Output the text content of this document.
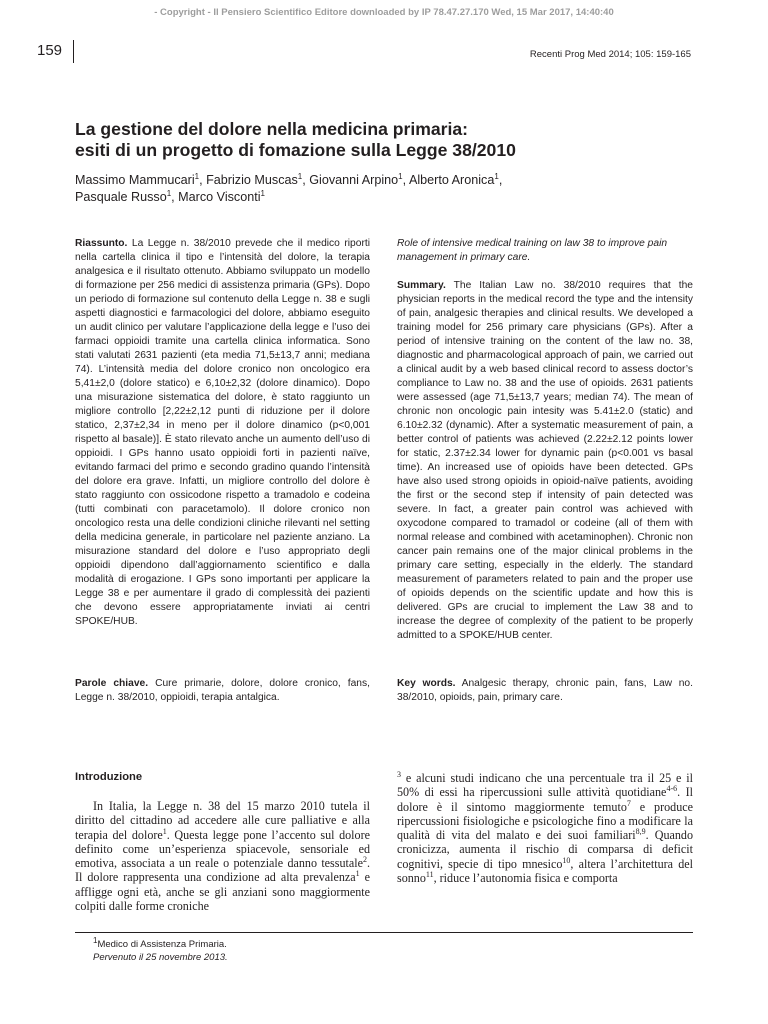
- Copyright - Il Pensiero Scientifico Editore downloaded by IP 78.47.27.170 Wed, 15 Mar 2017, 14:40:40
159	Recenti Prog Med 2014; 105: 159-165
La gestione del dolore nella medicina primaria:
esiti di un progetto di fomazione sulla Legge 38/2010
Massimo Mammucari$^1$, Fabrizio Muscas$^1$, Giovanni Arpino$^1$, Alberto Aronica$^1$,
Pasquale Russo$^1$, Marco Visconti$^1$
Riassunto. La Legge n. 38/2010 prevede che il medico riporti nella cartella clinica il tipo e l’intensità del dolore, la terapia analgesica e il risultato ottenuto. Abbiamo sviluppato un modello di formazione per 256 medici di assistenza primaria (GPs). Dopo un periodo di formazione sul contenuto della Legge n. 38 e sugli aspetti diagnostici e farmacologici del dolore, abbiamo eseguito un audit clinico per valutare l’applicazione della legge e l’uso dei farmaci oppioidi tramite una cartella clinica informatica. Sono stati valutati 2631 pazienti (eta media 71,5±13,7 anni; mediana 74). L’intensità media del dolore cronico non oncologico era 5,41±2,0 (dolore statico) e 6,10±2,32 (dolore dinamico). Dopo una misurazione sistematica del dolore, è stato raggiunto un migliore controllo [2,22±2,12 punti di riduzione per il dolore statico, 2,37±2,34 in meno per il dolore dinamico (p<0,001 rispetto al basale)]. È stato rilevato anche un aumento dell’uso di oppioidi. I GPs hanno usato oppioidi forti in pazienti naïve, evitando farmaci del primo e secondo gradino quando l’intensità del dolore era grave. Infatti, un migliore controllo del dolore è stato raggiunto con ossicodone rispetto a tramadolo e codeina (tutti combinati con paracetamolo). Il dolore cronico non oncologico resta una delle condizioni cliniche rilevanti nel setting della medicina generale, in particolare nel paziente anziano. La misurazione standard del dolore e l’uso appropriato degli oppioidi dipendono dall’aggiornamento scientifico e dalla modalità di erogazione. I GPs sono importanti per applicare la Legge 38 e per aumentare il grado di complessità dei pazienti che devono essere appropriatamente inviati ai centri SPOKE/HUB.
Role of intensive medical training on law 38 to improve pain management in primary care.
Summary. The Italian Law no. 38/2010 requires that the physician reports in the medical record the type and the intensity of pain, analgesic therapies and clinical results. We developed a training model for 256 primary care physicians (GPs). After a period of intensive training on the content of the law no. 38, diagnostic and pharmacological approach of pain, we carried out a clinical audit by a web based clinical record to assess doctor’s compliance to Law no. 38 and the use of opioids. 2631 patients were assessed (age 71,5±13,7 years; median 74). The mean of chronic non oncologic pain intesity was 5.41±2.0 (static) and 6.10±2.32 (dynamic). After a systematic measurement of pain, a better control of patients was achieved (2.22±2.12 points lower for static, 2.37±2.34 lower for dynamic pain (p<0.001 vs basal time). An increased use of opioids have been detected. GPs have also used strong opioids in opioid-naïve patients, avoiding the first or the second step if intensity of pain detected was severe. In fact, a greater pain control was achieved with oxycodone compared to tramadol or codeine (all of them with normal release and combined with acetaminophen). Chronic non cancer pain remains one of the major clinical problems in the primary care setting, especially in the elderly. The standard measurement of parameters related to pain and the proper use of opioids depends on the scientific update and how this is delivered. GPs are crucial to implement the Law 38 and to increase the degree of complexity of the patient to be properly admitted to a SPOKE/HUB center.
Parole chiave. Cure primarie, dolore, dolore cronico, fans, Legge n. 38/2010, oppioidi, terapia antalgica.
Key words. Analgesic therapy, chronic pain, fans, Law no. 38/2010, opioids, pain, primary care.
Introduzione
In Italia, la Legge n. 38 del 15 marzo 2010 tutela il diritto del cittadino ad accedere alle cure palliative e alla terapia del dolore$^1$. Questa legge pone l’accento sul dolore definito come un’esperienza spiacevole, sensoriale ed emotiva, associata a un reale o potenziale danno tessutale$^2$. Il dolore rappresenta una condizione ad alta prevalenza$^1$ e affligge ogni età, anche se gli anziani sono maggiormente colpiti dalle forme croniche
$^3$ e alcuni studi indicano che una percentuale tra il 25 e il 50% di essi ha ripercussioni sulle attività quotidiane$^{4-6}$. Il dolore è il sintomo maggiormente temuto$^7$ e produce ripercussioni fisiologiche e psicologiche fino a modificare la qualità di vita del malato e dei suoi familiari$^{8,9}$. Quando cronicizza, aumenta il rischio di comparsa di deficit cognitivi, specie di tipo mnesico$^{10}$, altera l’architettura del sonno$^{11}$, riduce l’autonomia fisica e comporta
$^1$Medico di Assistenza Primaria.
Pervenuto il 25 novembre 2013.
